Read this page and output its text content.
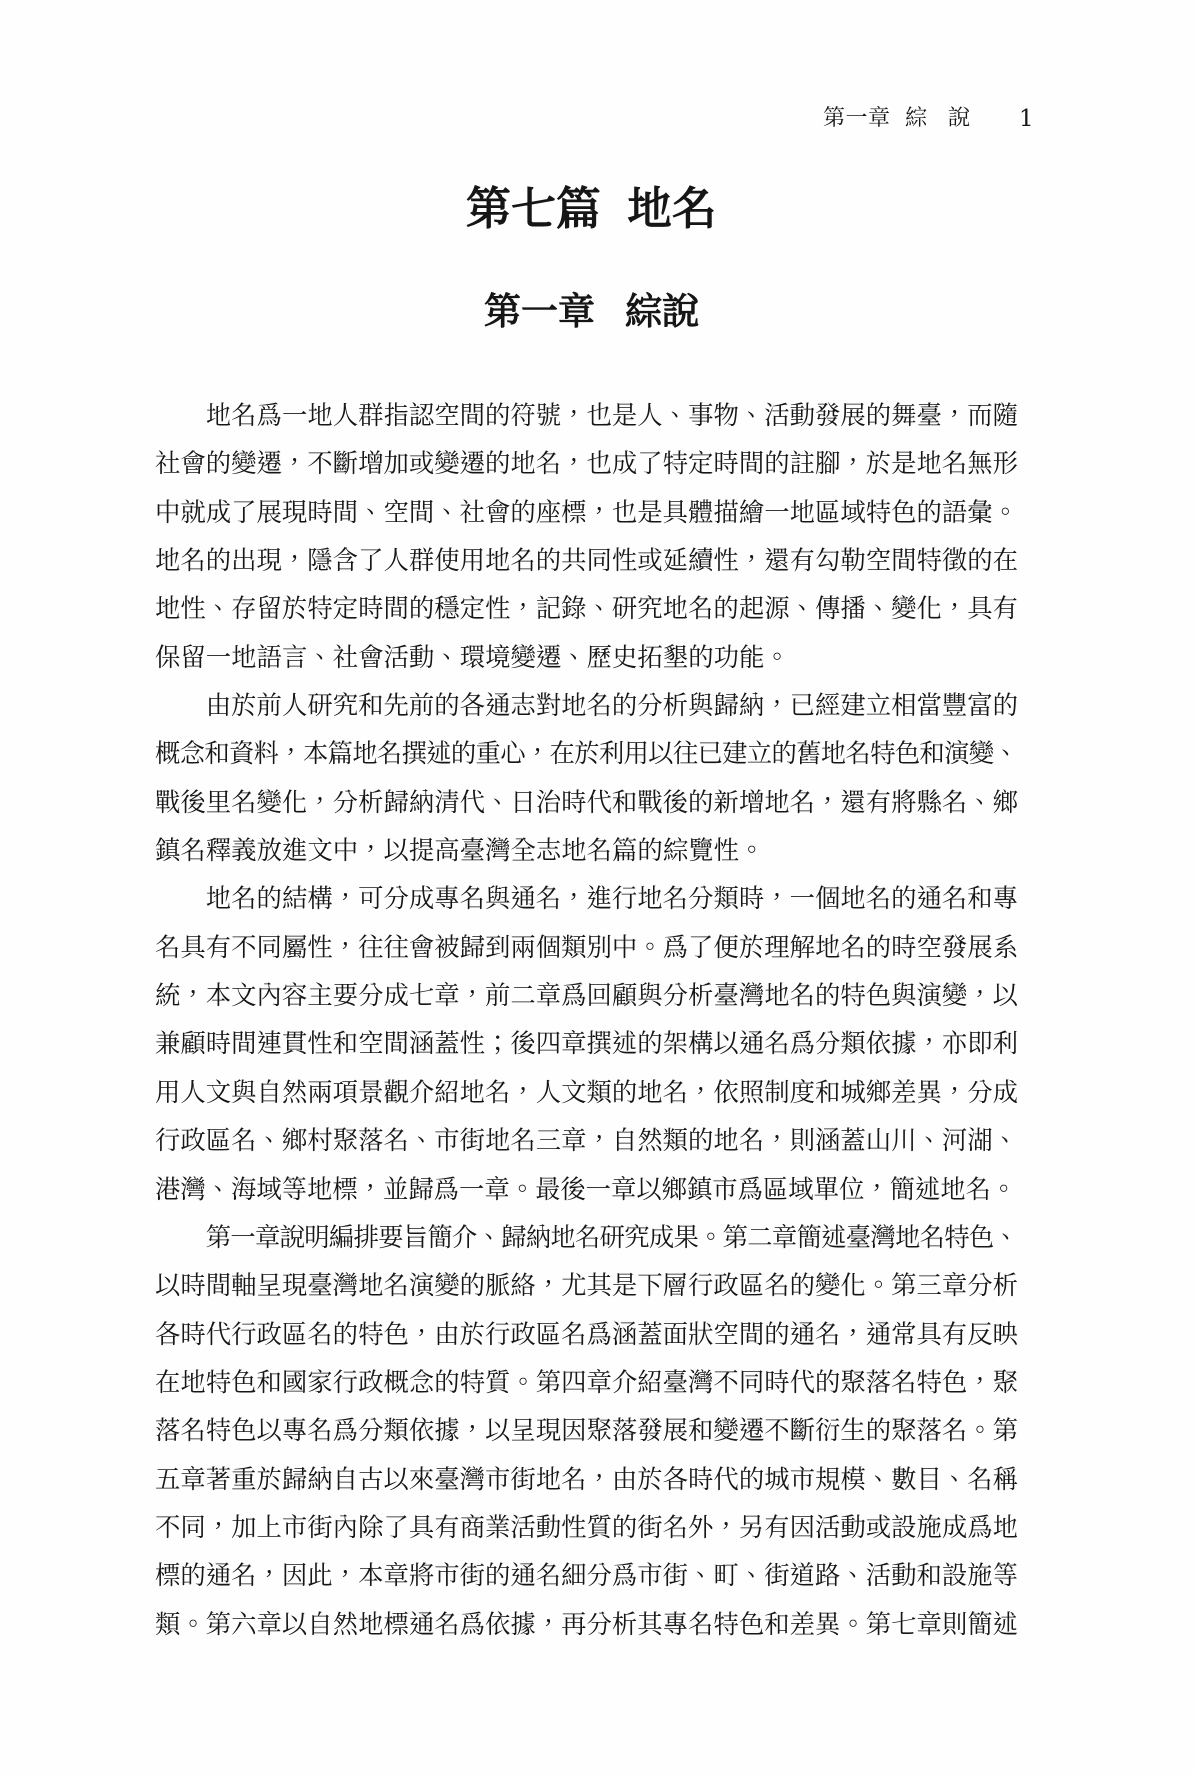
第一章 綜說 1
第七篇 地名
第一章 綜說
地名爲一地人群指認空間的符號，也是人、事物、活動發展的舞臺，而隨
社會的變遷，不斷增加或變遷的地名，也成了特定時間的註腳，於是地名無形
中就成了展現時間、空間、社會的座標，也是具體描繪一地區域特色的語彙。
地名的出現，隱含了人群使用地名的共同性或延續性，還有勾勒空間特徵的在
地性、存留於特定時間的穩定性，記錄、研究地名的起源、傳播、變化，具有
保留一地語言、社會活動、環境變遷、歷史拓墾的功能。
由於前人研究和先前的各通志對地名的分析與歸納，已經建立相當豐富的
概念和資料，本篇地名撰述的重心，在於利用以往已建立的舊地名特色和演變、
戰後里名變化，分析歸納清代、日治時代和戰後的新增地名，還有將縣名、鄉
鎮名釋義放進文中，以提高臺灣全志地名篇的綜覽性。
地名的結構，可分成專名與通名，進行地名分類時，一個地名的通名和專
名具有不同屬性，往往會被歸到兩個類別中。爲了便於理解地名的時空發展系
統，本文內容主要分成七章，前二章爲回顧與分析臺灣地名的特色與演變，以
兼顧時間連貫性和空間涵蓋性；後四章撰述的架構以通名爲分類依據，亦即利
用人文與自然兩項景觀介紹地名，人文類的地名，依照制度和城鄉差異，分成
行政區名、鄉村聚落名、市街地名三章，自然類的地名，則涵蓋山川、河湖、
港灣、海域等地標，並歸爲一章。最後一章以鄉鎮市爲區域單位，簡述地名。
第一章說明編排要旨簡介、歸納地名研究成果。第二章簡述臺灣地名特色、
以時間軸呈現臺灣地名演變的脈絡，尤其是下層行政區名的變化。第三章分析
各時代行政區名的特色，由於行政區名爲涵蓋面狀空間的通名，通常具有反映
在地特色和國家行政概念的特質。第四章介紹臺灣不同時代的聚落名特色，聚
落名特色以專名爲分類依據，以呈現因聚落發展和變遷不斷衍生的聚落名。第
五章著重於歸納自古以來臺灣市街地名，由於各時代的城市規模、數目、名稱
不同，加上市街內除了具有商業活動性質的街名外，另有因活動或設施成爲地
標的通名，因此，本章將市街的通名細分爲市街、町、街道路、活動和設施等
類。第六章以自然地標通名爲依據，再分析其專名特色和差異。第七章則簡述
